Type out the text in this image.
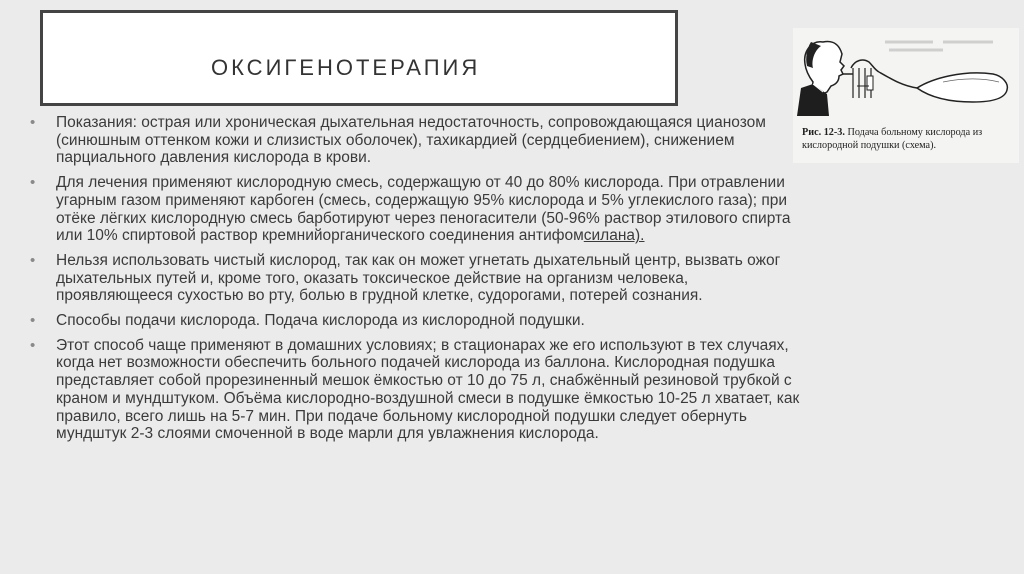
ОКСИГЕНОТЕРАПИЯ
Рис. 12-3. Подача больному кислорода из кислородной подушки (схема).
• Показания: острая или хроническая дыхательная недостаточность, сопровождающаяся цианозом (синюшным оттенком кожи и слизистых оболочек), тахикардией (сердцебиением), снижением парциального давления кислорода в крови.
• Для лечения применяют кислородную смесь, содержащую от 40 до 80% кислорода. При отравлении угарным газом применяют карбоген (смесь, содержащую 95% кислорода и 5% углекислого газа); при отёке лёгких кислородную смесь барботируют через пеногасители (50-96% раствор этилового спирта или 10% спиртовой раствор кремнийорганического соединения антифомсилана).
• Нельзя использовать чистый кислород, так как он может угнетать дыхательный центр, вызвать ожог дыхательных путей и, кроме того, оказать токсическое действие на организм человека, проявляющееся сухостью во рту, болью в грудной клетке, судорогами, потерей сознания.
• Способы подачи кислорода. Подача кислорода из кислородной подушки.
• Этот способ чаще применяют в домашних условиях; в стационарах же его используют в тех случаях, когда нет возможности обеспечить больного подачей кислорода из баллона. Кислородная подушка представляет собой прорезиненный мешок ёмкостью от 10 до 75 л, снабжённый резиновой трубкой с краном и мундштуком. Объёма кислородно-воздушной смеси в подушке ёмкостью 10-25 л хватает, как правило, всего лишь на 5-7 мин. При подаче больному кислородной подушки следует обернуть мундштук 2-3 слоями смоченной в воде марли для увлажнения кислорода.
